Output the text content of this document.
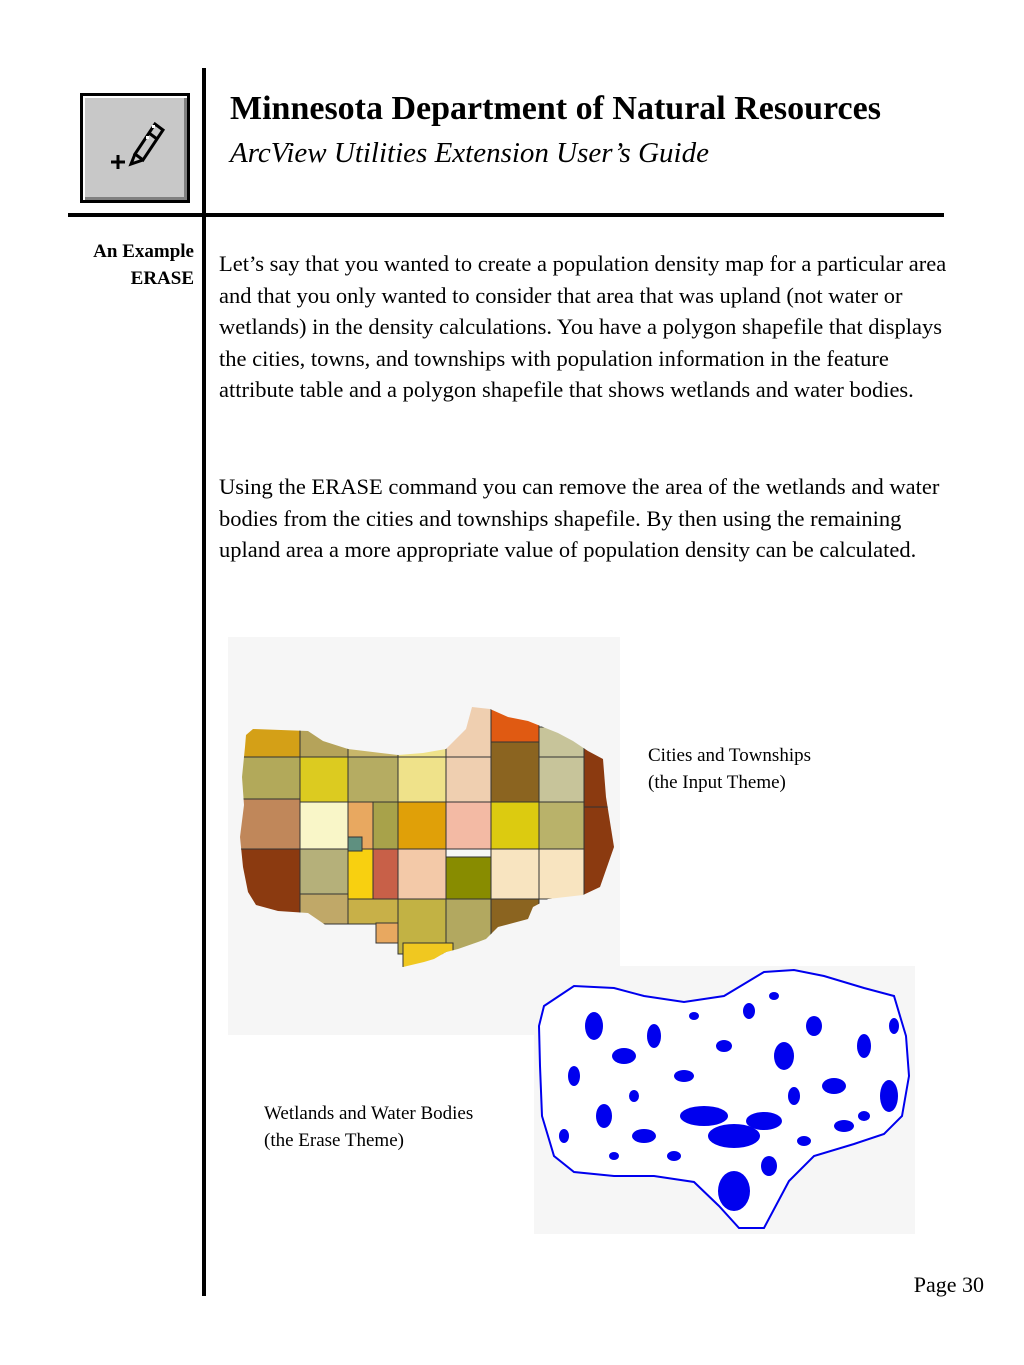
Minnesota Department of Natural Resources
ArcView Utilities Extension User’s Guide
An Example
ERASE

Let’s say that you wanted to create a population density map for a particular area and that you only wanted to consider that area that was upland (not water or wetlands) in the density calculations. You have a polygon shapefile that displays the cities, towns, and townships with population information in the feature attribute table and a polygon shapefile that shows wetlands and water bodies.

Using the ERASE command you can remove the area of the wetlands and water bodies from the cities and townships shapefile. By then using the remaining upland area a more appropriate value of population density can be calculated.

Cities and Townships
(the Input Theme)
Wetlands and Water Bodies
(the Erase Theme)
Page 30
